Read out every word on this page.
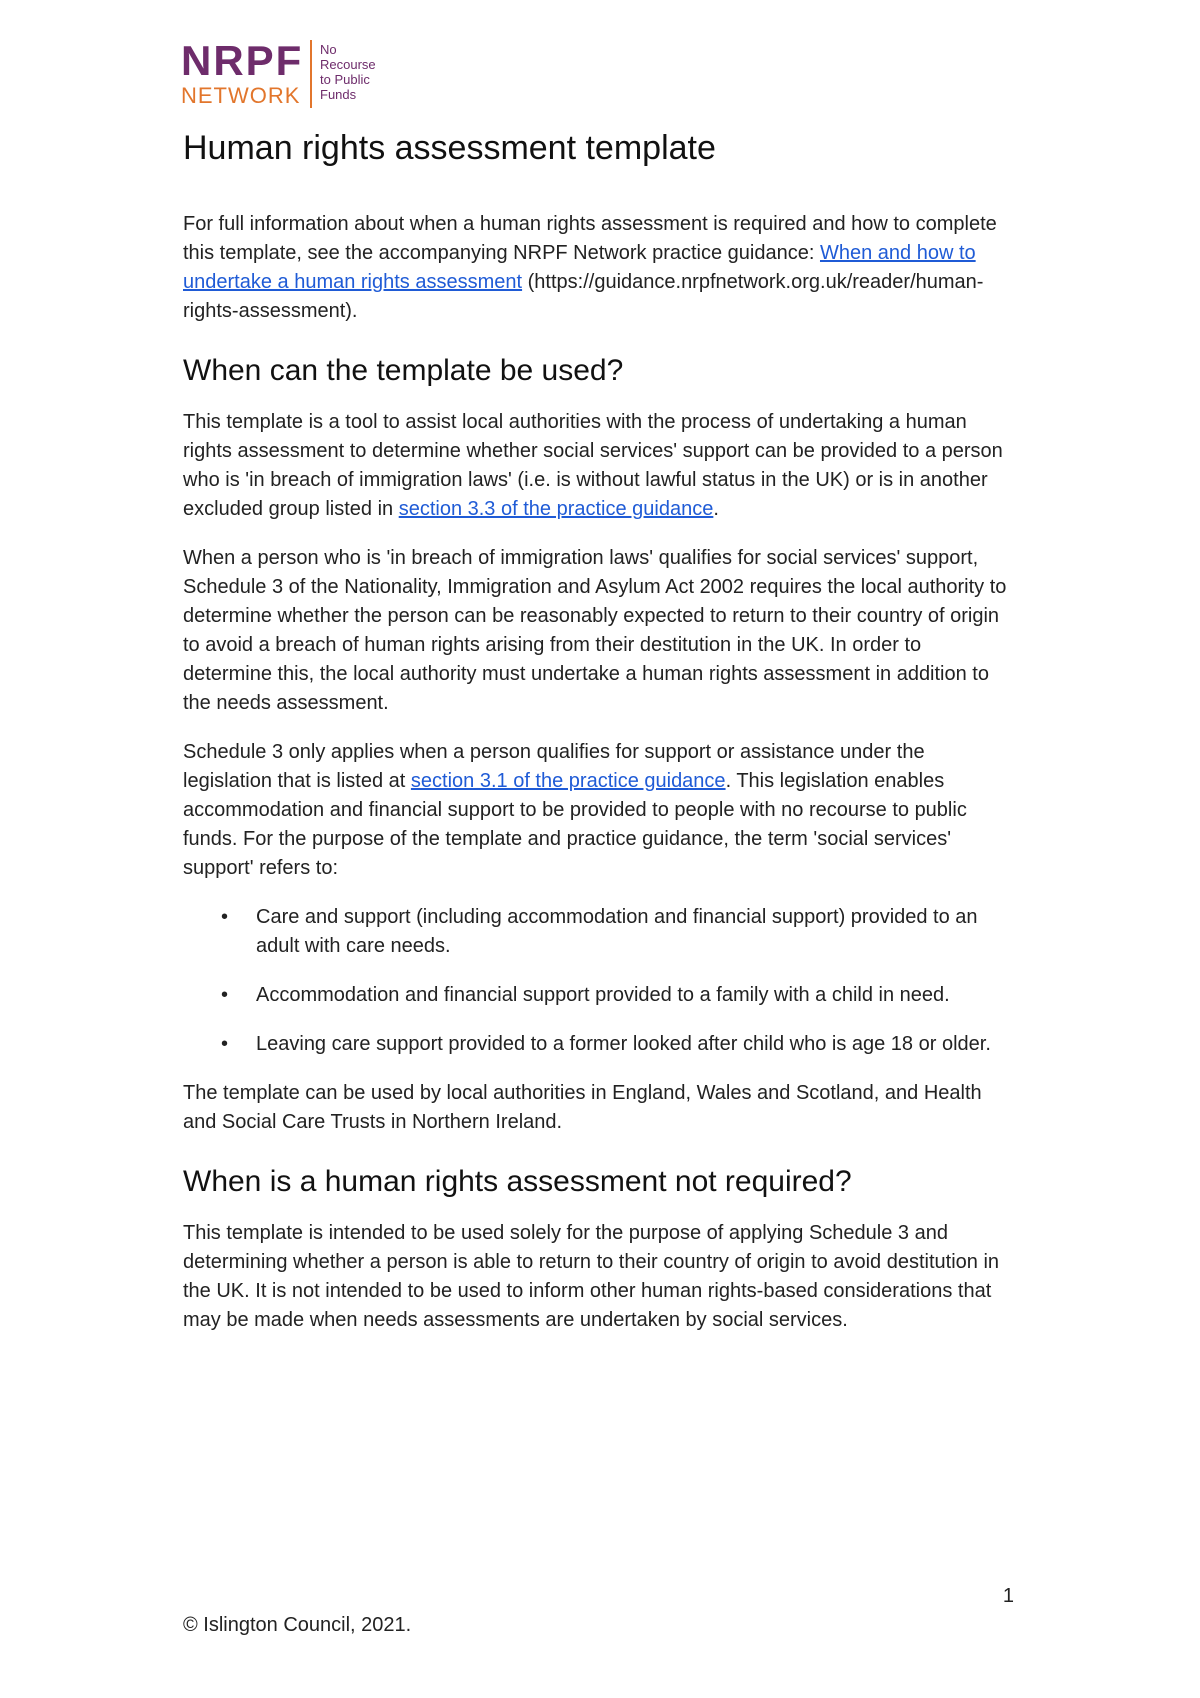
NRPF
NETWORK
No
Recourse
to Public
Funds
Human rights assessment template

For full information about when a human rights assessment is required and how to complete this template, see the accompanying NRPF Network practice guidance: When and how to undertake a human rights assessment (https://guidance.nrpfnetwork.org.uk/reader/human-rights-assessment).

When can the template be used?

This template is a tool to assist local authorities with the process of undertaking a human rights assessment to determine whether social services' support can be provided to a person who is 'in breach of immigration laws' (i.e. is without lawful status in the UK) or is in another excluded group listed in section 3.3 of the practice guidance.

When a person who is 'in breach of immigration laws' qualifies for social services' support, Schedule 3 of the Nationality, Immigration and Asylum Act 2002 requires the local authority to determine whether the person can be reasonably expected to return to their country of origin to avoid a breach of human rights arising from their destitution in the UK. In order to determine this, the local authority must undertake a human rights assessment in addition to the needs assessment.

Schedule 3 only applies when a person qualifies for support or assistance under the legislation that is listed at section 3.1 of the practice guidance. This legislation enables accommodation and financial support to be provided to people with no recourse to public funds. For the purpose of the template and practice guidance, the term 'social services' support' refers to:

• Care and support (including accommodation and financial support) provided to an adult with care needs.
• Accommodation and financial support provided to a family with a child in need.
• Leaving care support provided to a former looked after child who is age 18 or older.

The template can be used by local authorities in England, Wales and Scotland, and Health and Social Care Trusts in Northern Ireland.

When is a human rights assessment not required?

This template is intended to be used solely for the purpose of applying Schedule 3 and determining whether a person is able to return to their country of origin to avoid destitution in the UK. It is not intended to be used to inform other human rights-based considerations that may be made when needs assessments are undertaken by social services.

1
© Islington Council, 2021.
